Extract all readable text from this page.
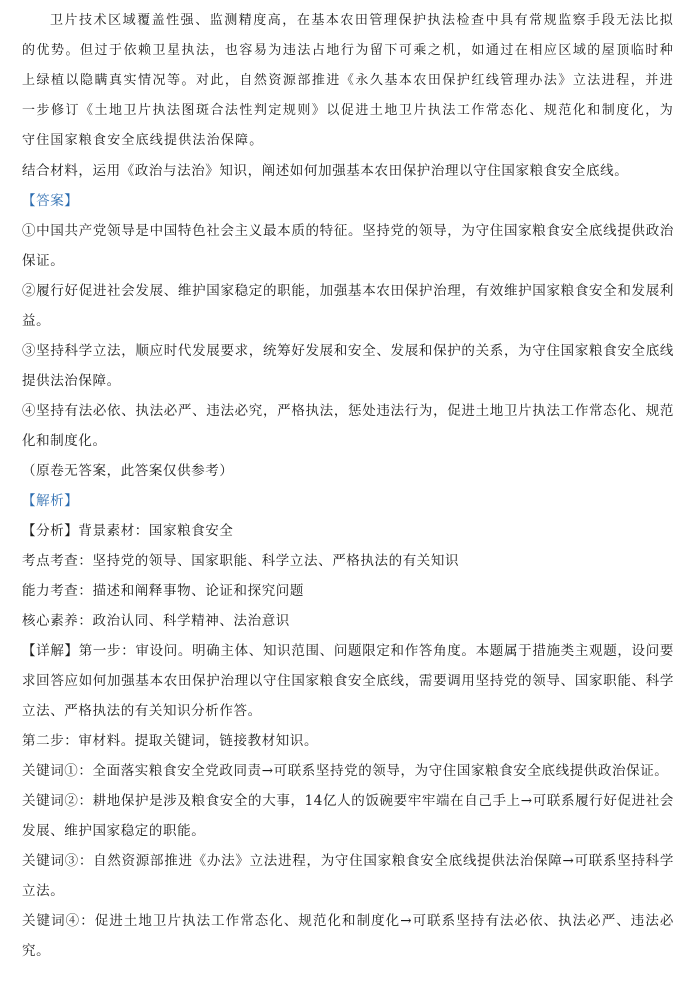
卫片技术区域覆盖性强、监测精度高，在基本农田管理保护执法检查中具有常规监察手段无法比拟的优势。但过于依赖卫星执法，也容易为违法占地行为留下可乘之机，如通过在相应区域的屋顶临时种上绿植以隐瞒真实情况等。对此，自然资源部推进《永久基本农田保护红线管理办法》立法进程，并进一步修订《土地卫片执法图斑合法性判定规则》以促进土地卫片执法工作常态化、规范化和制度化，为守住国家粮食安全底线提供法治保障。

结合材料，运用《政治与法治》知识，阐述如何加强基本农田保护治理以守住国家粮食安全底线。

【答案】

①中国共产党领导是中国特色社会主义最本质的特征。坚持党的领导，为守住国家粮食安全底线提供政治保证。

②履行好促进社会发展、维护国家稳定的职能，加强基本农田保护治理，有效维护国家粮食安全和发展利益。

③坚持科学立法，顺应时代发展要求，统筹好发展和安全、发展和保护的关系，为守住国家粮食安全底线提供法治保障。

④坚持有法必依、执法必严、违法必究，严格执法，惩处违法行为，促进土地卫片执法工作常态化、规范化和制度化。

（原卷无答案，此答案仅供参考）

【解析】

【分析】背景素材：国家粮食安全

考点考查：坚持党的领导、国家职能、科学立法、严格执法的有关知识

能力考查：描述和阐释事物、论证和探究问题

核心素养：政治认同、科学精神、法治意识

【详解】第一步：审设问。明确主体、知识范围、问题限定和作答角度。本题属于措施类主观题，设问要求回答应如何加强基本农田保护治理以守住国家粮食安全底线，需要调用坚持党的领导、国家职能、科学立法、严格执法的有关知识分析作答。

第二步：审材料。提取关键词，链接教材知识。

关键词①：全面落实粮食安全党政同责→可联系坚持党的领导，为守住国家粮食安全底线提供政治保证。

关键词②：耕地保护是涉及粮食安全的大事，14亿人的饭碗要牢牢端在自己手上→可联系履行好促进社会发展、维护国家稳定的职能。

关键词③：自然资源部推进《办法》立法进程，为守住国家粮食安全底线提供法治保障→可联系坚持科学立法。

关键词④：促进土地卫片执法工作常态化、规范化和制度化→可联系坚持有法必依、执法必严、违法必究。
